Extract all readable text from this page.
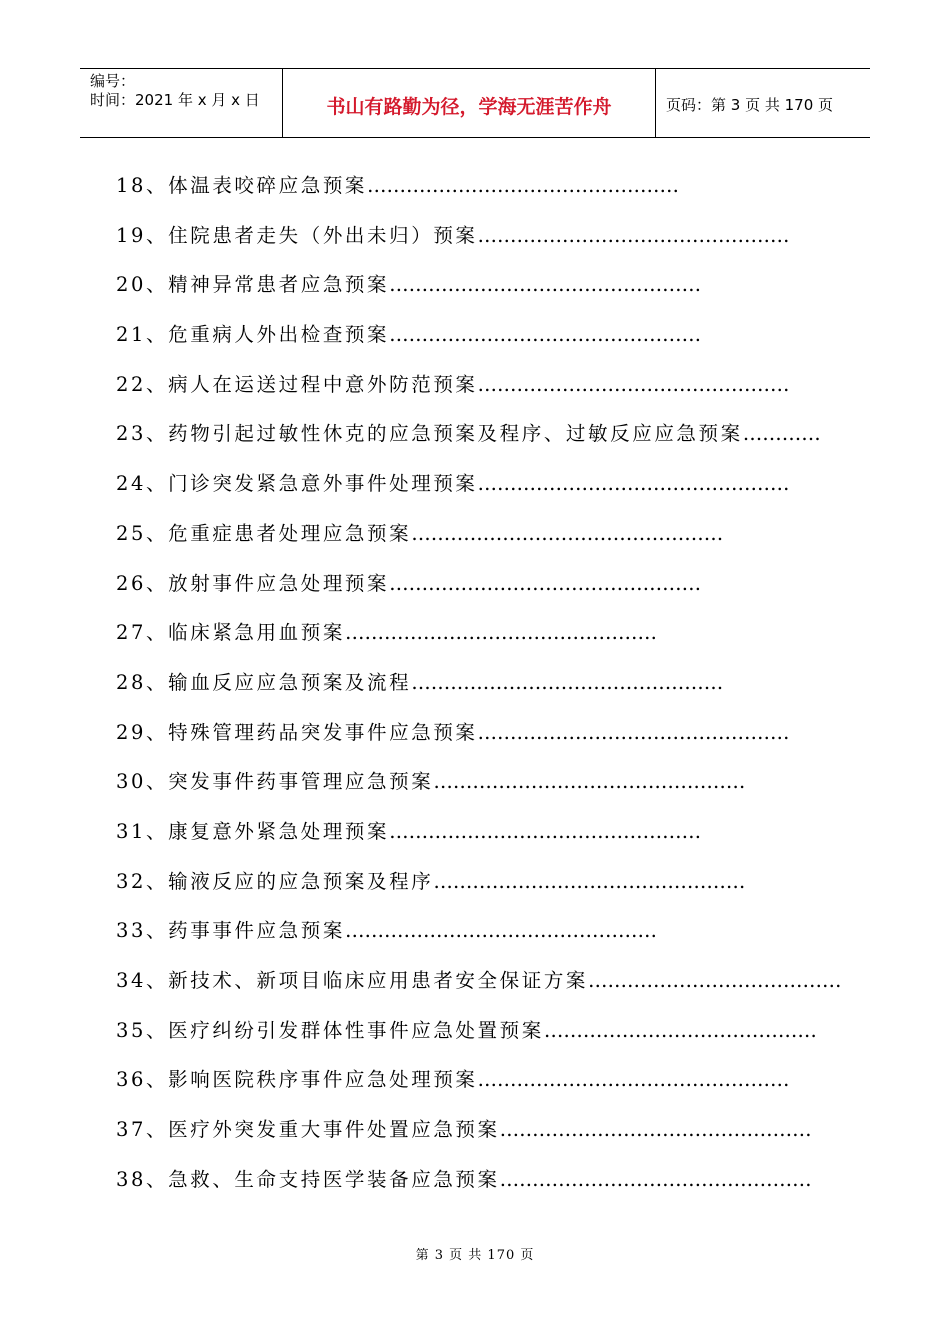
编号：
时间：2021 年 x 月 x 日	书山有路勤为径，学海无涯苦作舟	页码：第 3 页 共 170 页
18、体温表咬碎应急预案…………………………………………
19、住院患者走失（外出未归）预案…………………………………………
20、精神异常患者应急预案…………………………………………
21、危重病人外出检查预案…………………………………………
22、病人在运送过程中意外防范预案…………………………………………
23、药物引起过敏性休克的应急预案及程序、过敏反应应急预案…………
24、门诊突发紧急意外事件处理预案…………………………………………
25、危重症患者处理应急预案…………………………………………
26、放射事件应急处理预案…………………………………………
27、临床紧急用血预案…………………………………………
28、输血反应应急预案及流程…………………………………………
29、特殊管理药品突发事件应急预案…………………………………………
30、突发事件药事管理应急预案…………………………………………
31、康复意外紧急处理预案…………………………………………
32、输液反应的应急预案及程序…………………………………………
33、药事事件应急预案…………………………………………
34、新技术、新项目临床应用患者安全保证方案…………………………………
35、医疗纠纷引发群体性事件应急处置预案……………………………………
36、影响医院秩序事件应急处理预案…………………………………………
37、医疗外突发重大事件处置应急预案…………………………………………
38、急救、生命支持医学装备应急预案…………………………………………
第 3 页 共 170 页
